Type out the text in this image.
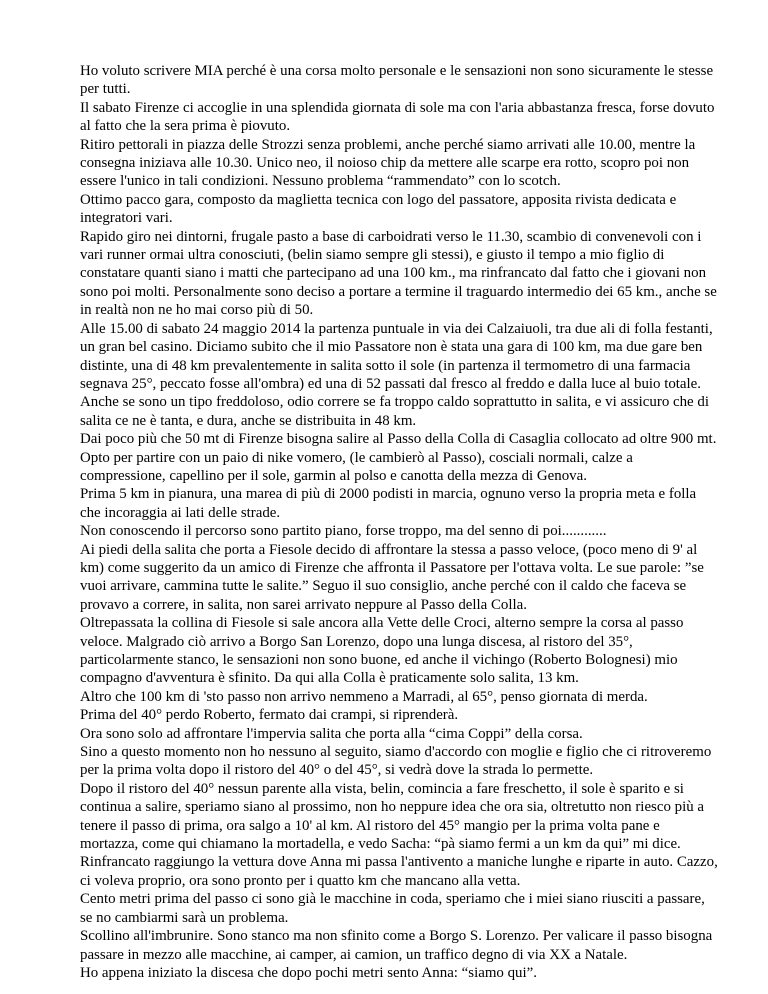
Ho voluto scrivere MIA perché è una corsa molto personale e le sensazioni non sono sicuramente le stesse per tutti.

Il sabato Firenze ci accoglie in una splendida giornata di sole ma con l'aria abbastanza fresca, forse dovuto al fatto che la sera prima è piovuto.

Ritiro pettorali in piazza delle Strozzi senza problemi, anche perché siamo arrivati alle 10.00, mentre la consegna iniziava alle 10.30. Unico neo, il noioso chip da mettere alle scarpe era rotto, scopro poi non essere l'unico in tali condizioni. Nessuno problema “rammendato” con lo scotch.

Ottimo pacco gara, composto da maglietta tecnica con logo del passatore, apposita rivista dedicata e integratori vari.

Rapido giro nei dintorni, frugale pasto a base di carboidrati verso le 11.30, scambio di convenevoli con i vari runner ormai ultra conosciuti, (belin siamo sempre gli stessi), e giusto il tempo a mio figlio di constatare quanti siano i matti che partecipano ad una 100 km., ma rinfrancato dal fatto che i giovani non sono poi molti. Personalmente sono deciso a portare a termine il traguardo intermedio dei 65 km., anche se in realtà non ne ho mai corso più di 50.

Alle 15.00 di sabato 24 maggio 2014 la partenza puntuale in via dei Calzaiuoli, tra due ali di folla festanti, un gran bel casino. Diciamo subito che il mio Passatore non è stata una gara di 100 km, ma due gare ben distinte, una di 48 km prevalentemente in salita sotto il sole (in partenza il termometro di una farmacia segnava 25°, peccato fosse all'ombra) ed una di 52 passati dal fresco al freddo e dalla luce al buio totale. Anche se sono un tipo freddoloso, odio correre se fa troppo caldo soprattutto in salita, e vi assicuro che di salita ce ne è tanta, e dura, anche se distribuita in 48 km.

Dai poco più che 50 mt di Firenze bisogna salire al Passo della Colla di Casaglia collocato ad oltre 900 mt.

Opto per partire con un paio di nike vomero, (le cambierò al Passo), cosciali normali, calze a compressione, capellino per il sole, garmin al polso e canotta della mezza di Genova.

Prima 5 km in pianura, una marea di più di 2000 podisti in marcia, ognuno verso la propria meta e folla che incoraggia ai lati delle strade.

Non conoscendo il percorso sono partito piano, forse troppo, ma del senno di poi............

Ai piedi della salita che porta a Fiesole decido di affrontare la stessa a passo veloce, (poco meno di 9' al km) come suggerito da un amico di Firenze che affronta il Passatore per l'ottava volta. Le sue parole: ”se vuoi arrivare, cammina tutte le salite.” Seguo il suo consiglio, anche perché con il caldo che faceva se provavo a correre, in salita, non sarei arrivato neppure al Passo della Colla.

Oltrepassata la collina di Fiesole si sale ancora alla Vette delle Croci, alterno sempre la corsa al passo veloce. Malgrado ciò arrivo a Borgo San Lorenzo, dopo una lunga discesa, al ristoro del 35°, particolarmente stanco, le sensazioni non sono buone, ed anche il vichingo (Roberto Bolognesi) mio compagno d'avventura è sfinito. Da qui alla Colla è praticamente solo salita, 13 km.

Altro che 100 km di 'sto passo non arrivo nemmeno a Marradi, al 65°, penso giornata di merda.

Prima del 40° perdo Roberto, fermato dai crampi, si riprenderà.

Ora sono solo ad affrontare l'impervia salita che porta alla “cima Coppi” della corsa.

Sino a questo momento non ho nessuno al seguito, siamo d'accordo con moglie e figlio che ci ritroveremo per la prima volta dopo il ristoro del 40° o del 45°, si vedrà dove la strada lo permette.

Dopo il ristoro del 40° nessun parente alla vista, belin, comincia a fare freschetto, il sole è sparito e si continua a salire, speriamo siano al prossimo, non ho neppure idea che ora sia, oltretutto non riesco più a tenere il passo di prima, ora salgo a 10' al km. Al ristoro del 45° mangio per la prima volta pane e mortazza, come qui chiamano la mortadella, e vedo Sacha: “pà siamo fermi a un km da qui” mi dice.

Rinfrancato raggiungo la vettura dove Anna mi passa l'antivento a maniche lunghe e riparte in auto. Cazzo, ci voleva proprio, ora sono pronto per i quatto km che mancano alla vetta.

Cento metri prima del passo ci sono già le macchine in coda, speriamo che i miei siano riusciti a passare, se no cambiarmi sarà un problema.

Scollino all'imbrunire. Sono stanco ma non sfinito come a Borgo S. Lorenzo. Per valicare il passo bisogna passare in mezzo alle macchine, ai camper, ai camion, un traffico degno di via XX a Natale.

Ho appena iniziato la discesa che dopo pochi metri sento Anna: “siamo qui”.
